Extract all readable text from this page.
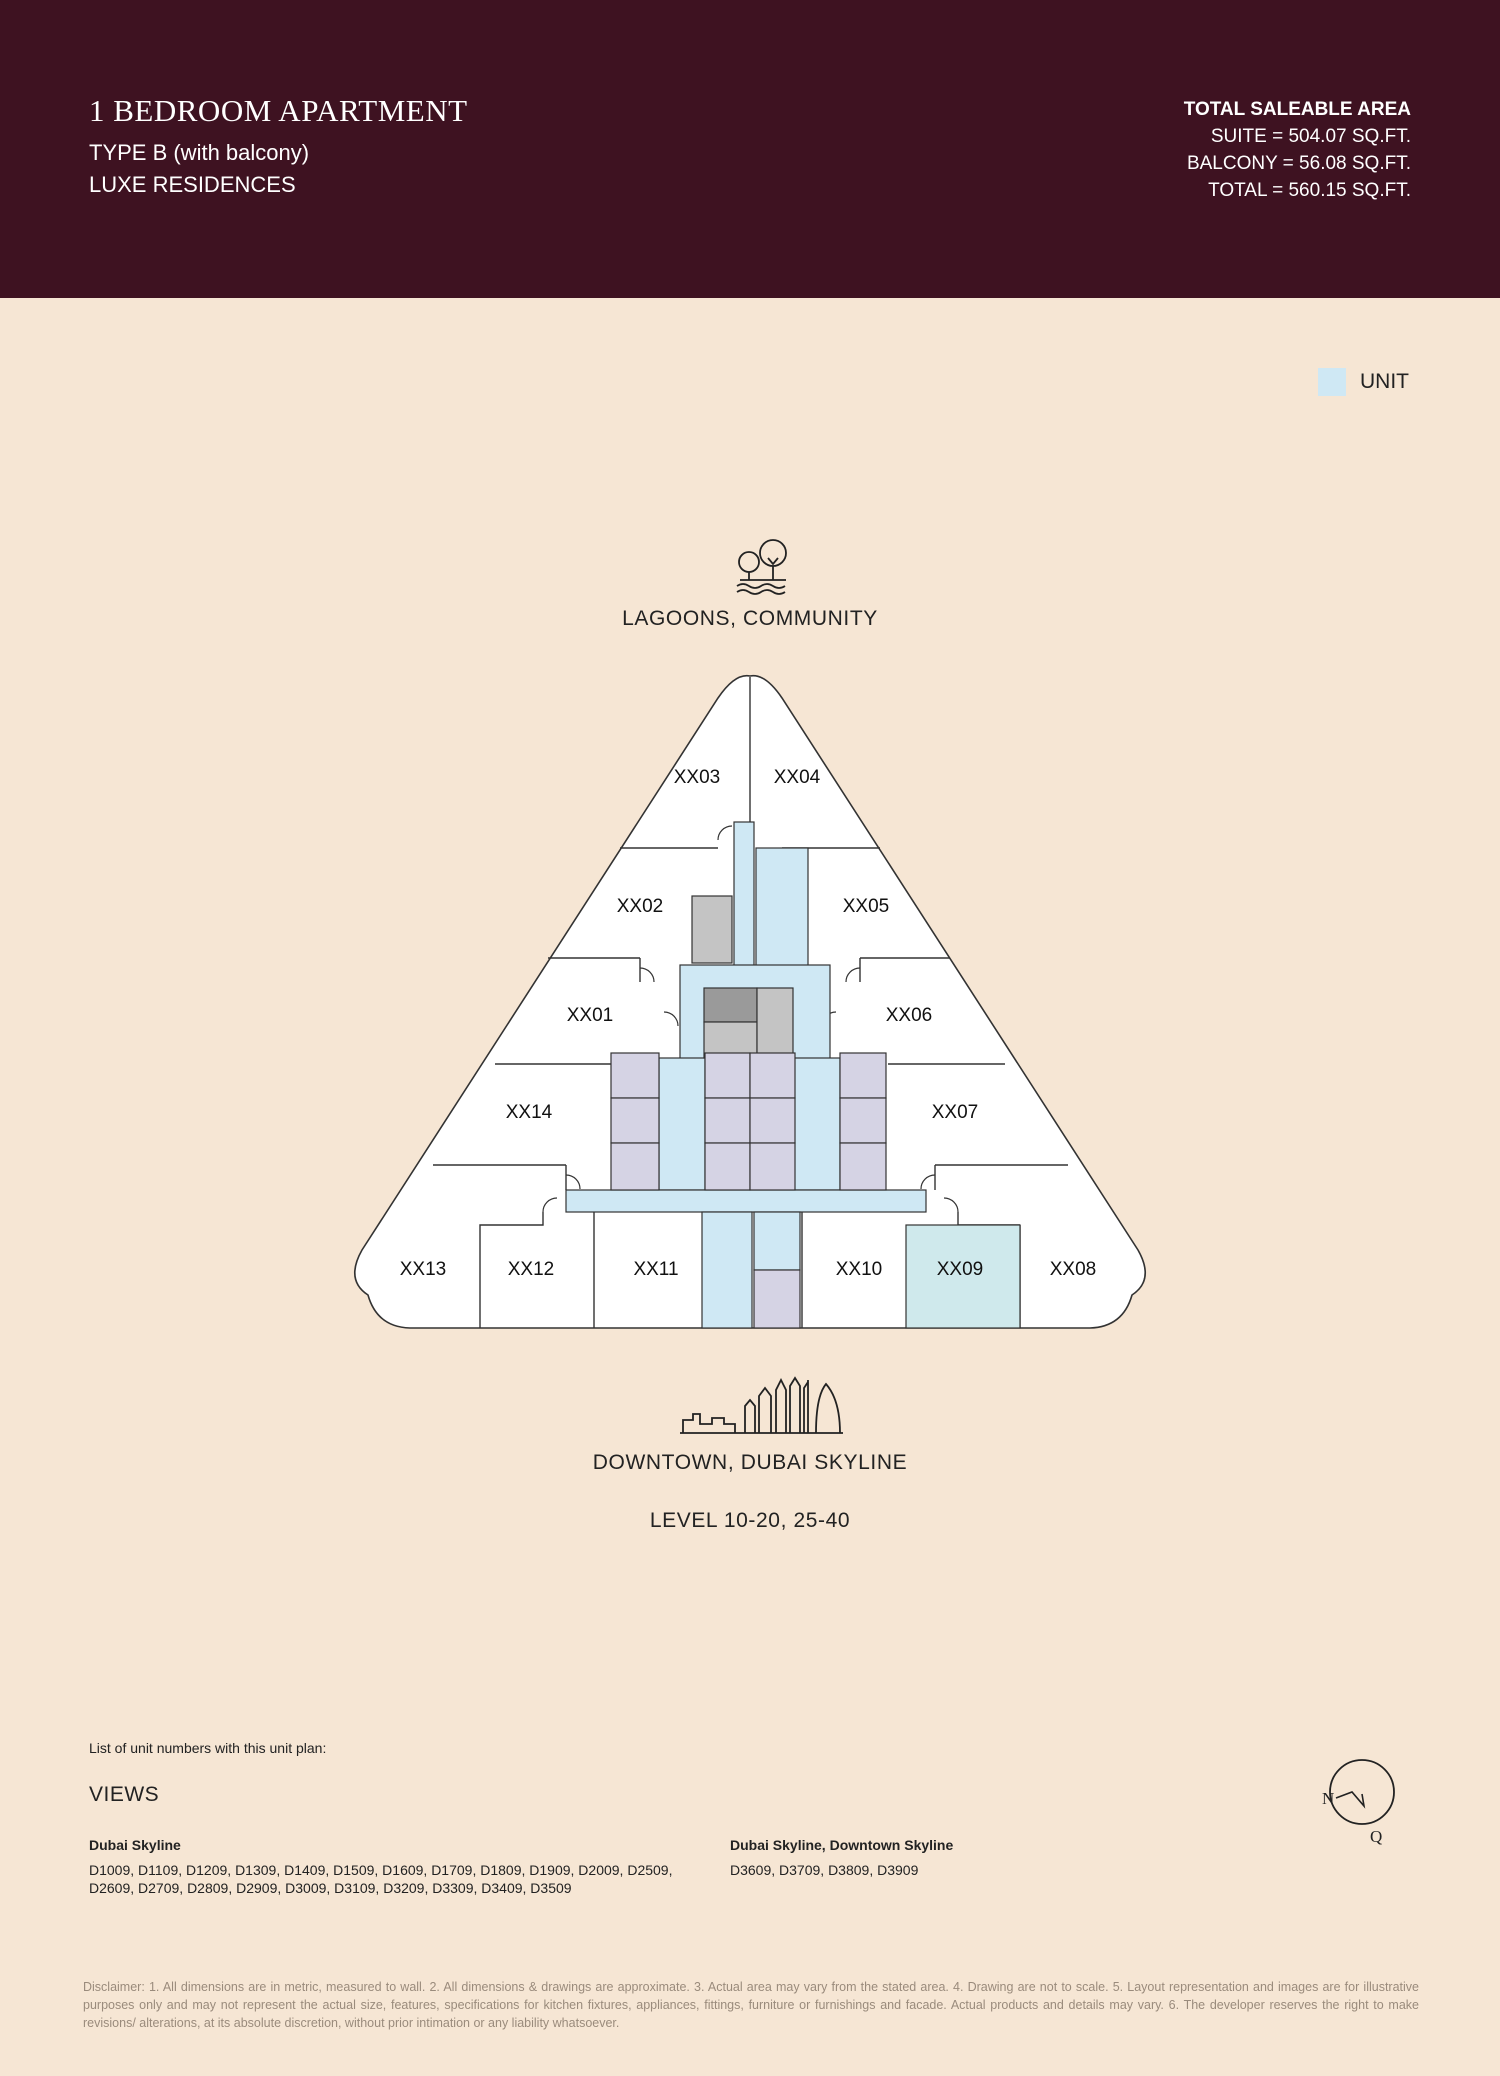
1 BEDROOM APARTMENT
TYPE B (with balcony)
LUXE RESIDENCES
TOTAL SALEABLE AREA
SUITE = 504.07 SQ.FT.
BALCONY = 56.08 SQ.FT.
TOTAL = 560.15 SQ.FT.
UNIT
XX03	XX04
XX02	XX05
XX01	XX06
XX14	XX07
XX13	XX12	XX11	XX10	XX09	XX08
LAGOONS, COMMUNITY
DOWNTOWN, DUBAI SKYLINE
LEVEL 10-20, 25-40
List of unit numbers with this unit plan:
VIEWS
Dubai Skyline
D1009, D1109, D1209, D1309, D1409, D1509, D1609, D1709, D1809, D1909, D2009, D2509, D2609, D2709, D2809, D2909, D3009, D3109, D3209, D3309, D3409, D3509
Dubai Skyline, Downtown Skyline
D3609, D3709, D3809, D3909
N
Q
Disclaimer: 1. All dimensions are in metric, measured to wall. 2. All dimensions & drawings are approximate. 3. Actual area may vary from the stated area. 4. Drawing are not to scale. 5. Layout representation and images are for illustrative purposes only and may not represent the actual size, features, specifications for kitchen fixtures, appliances, fittings, furniture or furnishings and facade. Actual products and details may vary. 6. The developer reserves the right to make revisions/ alterations, at its absolute discretion, without prior intimation or any liability whatsoever.
